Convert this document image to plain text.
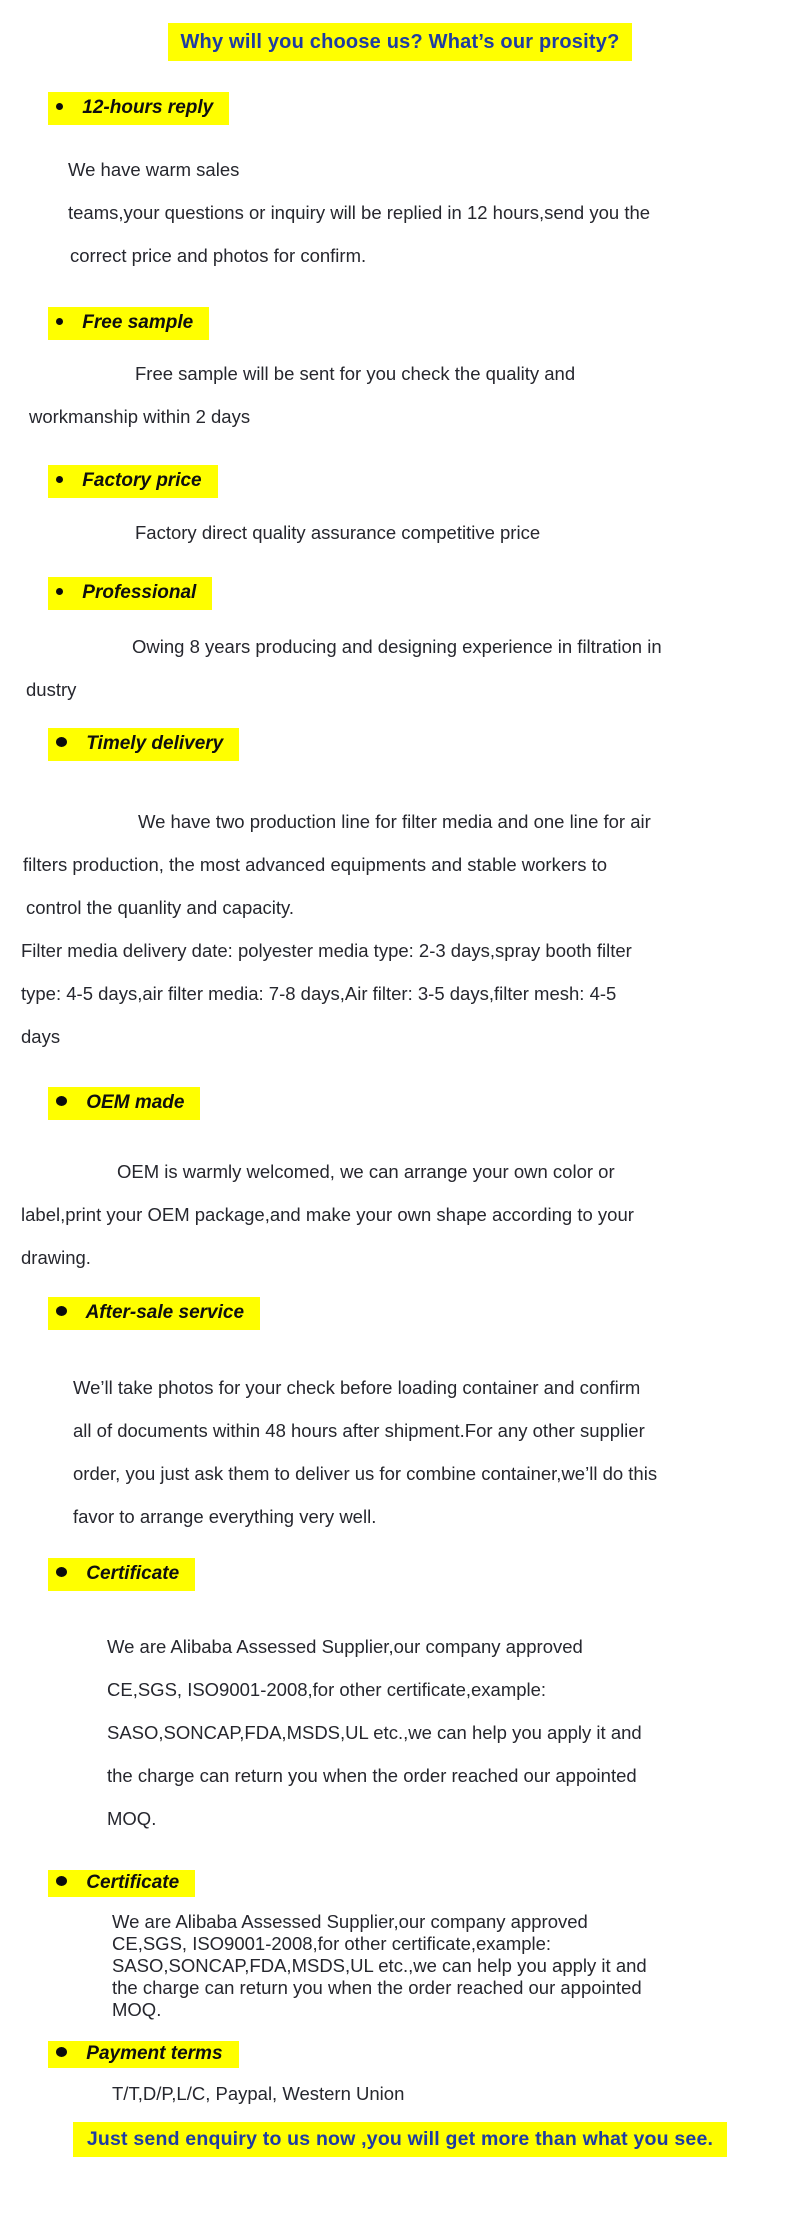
Why will you choose us? What’s our prosity?
12-hours reply
We have warm sales
teams,your questions or inquiry will be replied in 12 hours,send you the
correct price and photos for confirm.
Free sample
Free sample will be sent for you check the quality and
workmanship within 2 days
Factory price
Factory direct quality assurance competitive price
Professional
Owing 8 years producing and designing experience in filtration in
dustry
Timely delivery
We have two production line for filter media and one line for air
filters production, the most advanced equipments and stable workers to
control the quanlity and capacity.
Filter media delivery date: polyester media type: 2-3 days,spray booth filter
type: 4-5 days,air filter media: 7-8 days,Air filter: 3-5 days,filter mesh: 4-5
days
OEM made
OEM is warmly welcomed, we can arrange your own color or
label,print your OEM package,and make your own shape according to your
drawing.
After-sale service
We’ll take photos for your check before loading container and confirm
all of documents within 48 hours after shipment.For any other supplier
order, you just ask them to deliver us for combine container,we’ll do this
favor to arrange everything very well.
Certificate
We are Alibaba Assessed Supplier,our company approved
CE,SGS, ISO9001-2008,for other certificate,example:
SASO,SONCAP,FDA,MSDS,UL etc.,we can help you apply it and
the charge can return you when the order reached our appointed
MOQ.
Certificate
We are Alibaba Assessed Supplier,our company approved
CE,SGS, ISO9001-2008,for other certificate,example:
SASO,SONCAP,FDA,MSDS,UL etc.,we can help you apply it and
the charge can return you when the order reached our appointed
MOQ.
Payment terms
T/T,D/P,L/C, Paypal, Western Union
Just send enquiry to us now ,you will get more than what you see.
